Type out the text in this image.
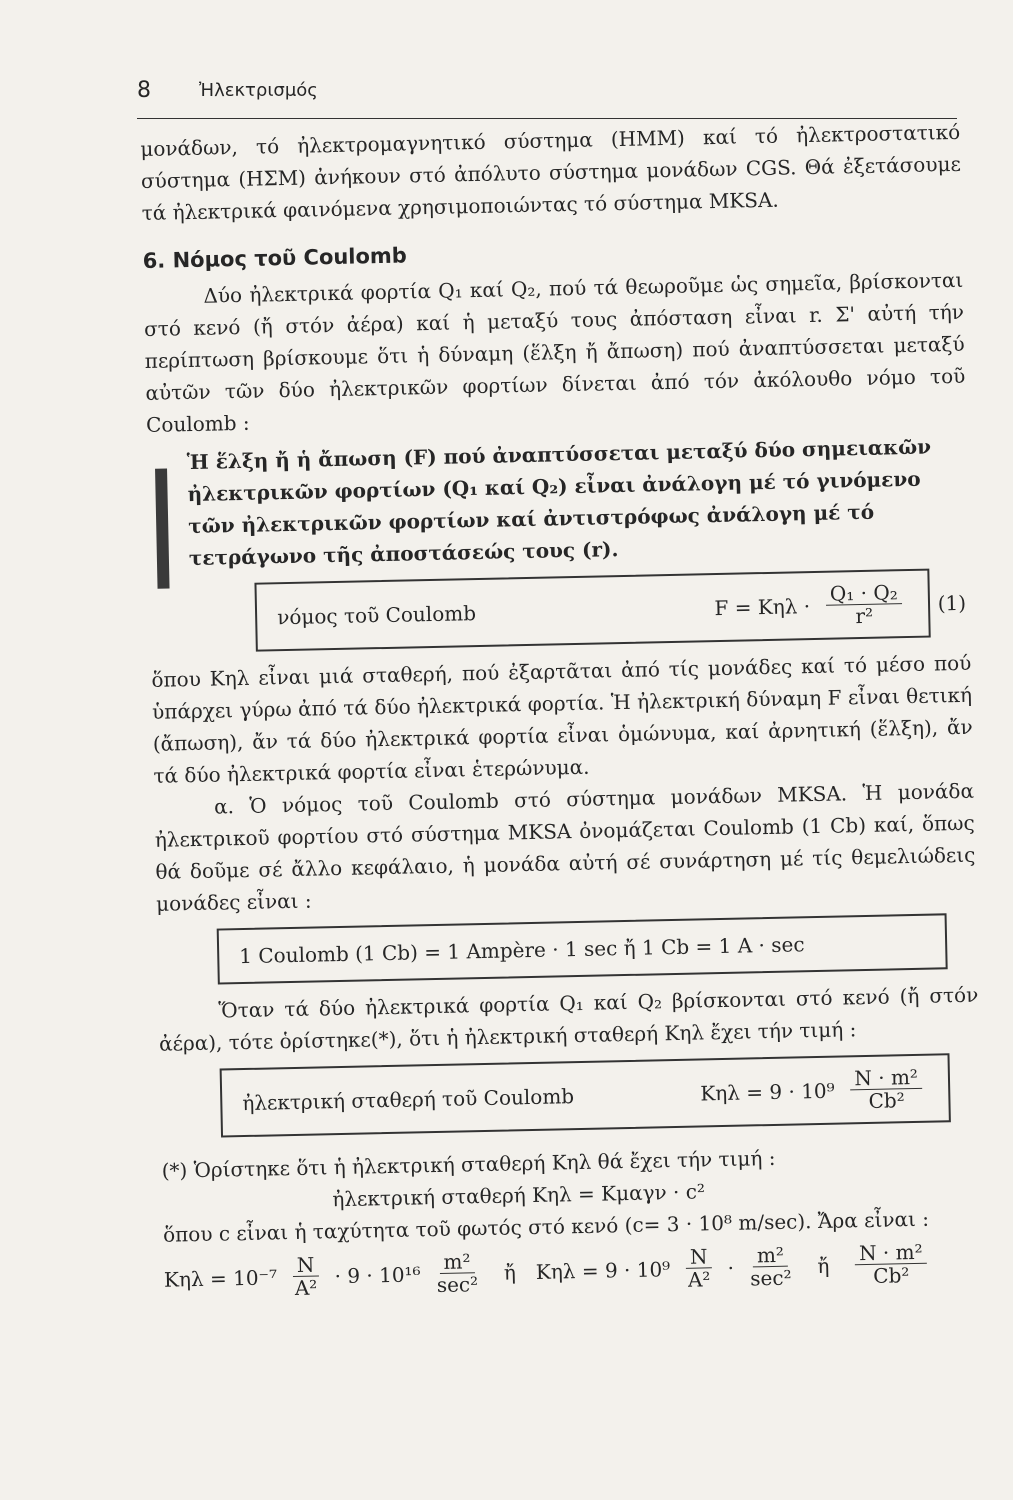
8	Ἠλεκτρισμός

μονάδων, τό ἠλεκτρομαγνητικό σύστημα (ΗΜΜ) καί τό ἠλεκτροστατικό σύστημα (ΗΣΜ) ἀνήκουν στό ἀπόλυτο σύστημα μονάδων CGS. Θά ἐξετάσουμε τά ἠλεκτρικά φαινόμενα χρησιμοποιώντας τό σύστημα MKSA.

6. Νόμος τοῦ Coulomb

Δύο ἠλεκτρικά φορτία Q₁ καί Q₂, πού τά θεωροῦμε ὡς σημεῖα, βρίσκονται στό κενό (ἤ στόν ἀέρα) καί ἡ μεταξύ τους ἀπόσταση εἶναι r. Σ' αὐτή τήν περίπτωση βρίσκουμε ὅτι ἡ δύναμη (ἕλξη ἤ ἄπωση) πού ἀναπτύσσεται μεταξύ αὐτῶν τῶν δύο ἠλεκτρικῶν φορτίων δίνεται ἀπό τόν ἀκόλουθο νόμο τοῦ Coulomb :

Ἡ ἕλξη ἤ ἡ ἄπωση (F) πού ἀναπτύσσεται μεταξύ δύο σημειακῶν ἠλεκτρικῶν φορτίων (Q₁ καί Q₂) εἶναι ἀνάλογη μέ τό γινόμενο τῶν ἠλεκτρικῶν φορτίων καί ἀντιστρόφως ἀνάλογη μέ τό τετράγωνο τῆς ἀποστάσεώς τους (r).
νόμος τοῦ Coulomb	$F = K\eta\lambda \cdot \frac{\text{Q₁ · Q₂}}{\text{r²}} (1)$

ὅπου Kηλ εἶναι μιά σταθερή, πού ἐξαρτᾶται ἀπό τίς μονάδες καί τό μέσο πού ὑπάρχει γύρω ἀπό τά δύο ἠλεκτρικά φορτία. Ἡ ἠλεκτρική δύναμη F εἶναι θετική (ἄπωση), ἄν τά δύο ἠλεκτρικά φορτία εἶναι ὁμώνυμα, καί ἀρνητική (ἕλξη), ἄν τά δύο ἠλεκτρικά φορτία εἶναι ἑτερώνυμα.

α. Ὁ νόμος τοῦ Coulomb στό σύστημα μονάδων MKSA. Ἡ μονάδα ἠλεκτρικοῦ φορτίου στό σύστημα MKSA ὀνομάζεται Coulomb (1 Cb) καί, ὅπως θά δοῦμε σέ ἄλλο κεφάλαιο, ἡ μονάδα αὐτή σέ συνάρτηση μέ τίς θεμελιώδεις μονάδες εἶναι :

1 Coulomb (1 Cb) = 1 Ampère · 1 sec ἤ 1 Cb = 1 A · sec

Ὅταν τά δύο ἠλεκτρικά φορτία Q₁ καί Q₂ βρίσκονται στό κενό (ἤ στόν ἀέρα), τότε ὁρίστηκε(*), ὅτι ἡ ἠλεκτρική σταθερή Kηλ ἔχει τήν τιμή :

ἠλεκτρική σταθερή τοῦ Coulomb	$K\eta\lambda = 9 \cdot 10^9 \frac{\text{N · m²}}{\text{Cb²}}$

(*) Ὁρίστηκε ὅτι ἡ ἠλεκτρική σταθερή Kηλ θά ἔχει τήν τιμή :

ἠλεκτρική σταθερή Kηλ = Kμαγν · c²

ὅπου c εἶναι ἡ ταχύτητα τοῦ φωτός στό κενό (c= 3 · 10⁸ m/sec). Ἄρα εἶναι :

$K\eta\lambda = 10^{-7} \frac{N}{\text{A²}} \cdot 9 \cdot 10^{16} \frac{\text{m²}}{\text{sec²}}$ ἤ $K\eta\lambda = 9 \cdot 10^9 \frac{N}{\text{A²}} \cdot \frac{\text{m²}}{\text{sec²}}$ ἤ $\frac{\text{N · m²}}{\text{Cb²}}$
